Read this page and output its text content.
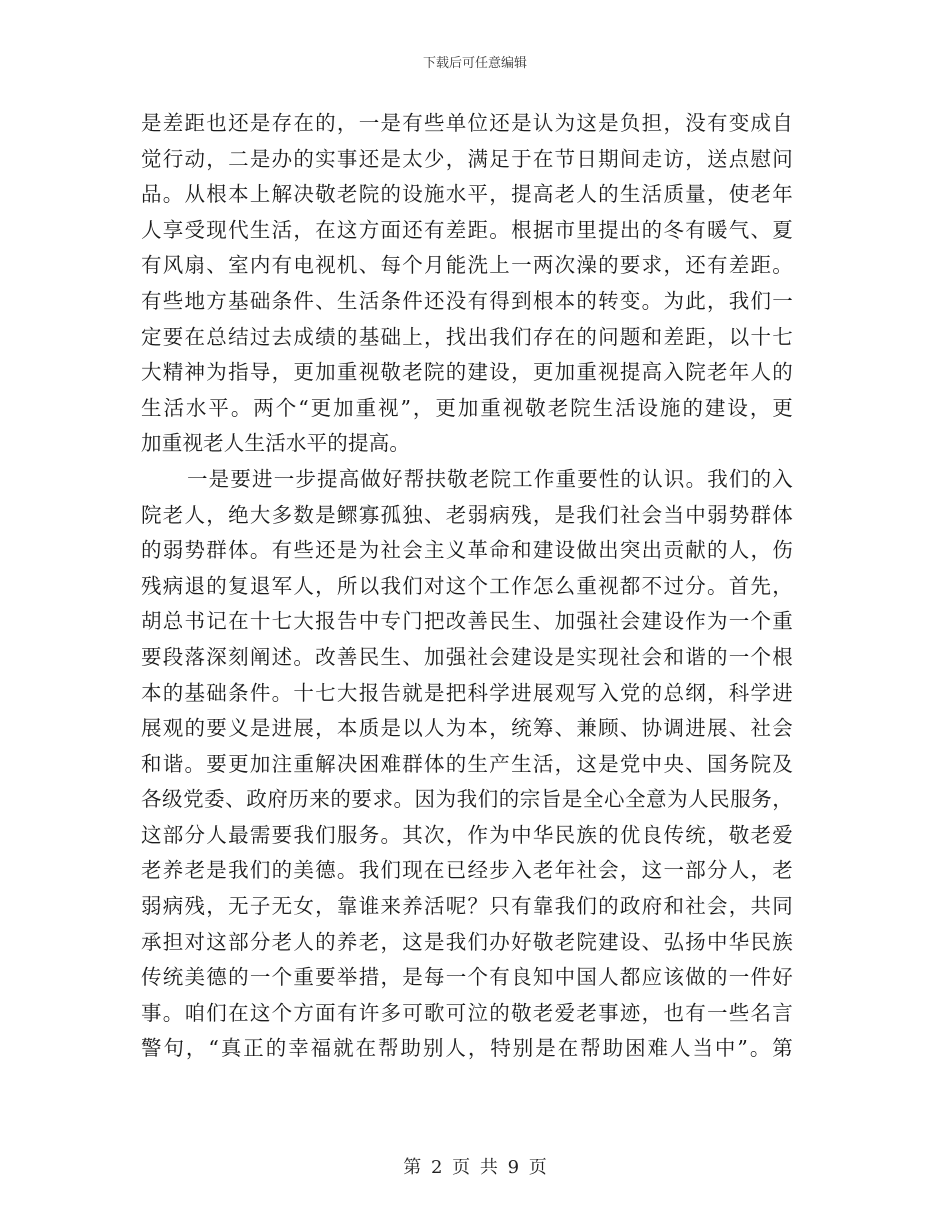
下载后可任意编辑
是差距也还是存在的，一是有些单位还是认为这是负担，没有变成自
觉行动，二是办的实事还是太少，满足于在节日期间走访，送点慰问
品。从根本上解决敬老院的设施水平，提高老人的生活质量，使老年
人享受现代生活，在这方面还有差距。根据市里提出的冬有暖气、夏
有风扇、室内有电视机、每个月能洗上一两次澡的要求，还有差距。
有些地方基础条件、生活条件还没有得到根本的转变。为此，我们一
定要在总结过去成绩的基础上，找出我们存在的问题和差距，以十七
大精神为指导，更加重视敬老院的建设，更加重视提高入院老年人的
生活水平。两个“更加重视”，更加重视敬老院生活设施的建设，更
加重视老人生活水平的提高。
一是要进一步提高做好帮扶敬老院工作重要性的认识。我们的入
院老人，绝大多数是鳏寡孤独、老弱病残，是我们社会当中弱势群体
的弱势群体。有些还是为社会主义革命和建设做出突出贡献的人，伤
残病退的复退军人，所以我们对这个工作怎么重视都不过分。首先，
胡总书记在十七大报告中专门把改善民生、加强社会建设作为一个重
要段落深刻阐述。改善民生、加强社会建设是实现社会和谐的一个根
本的基础条件。十七大报告就是把科学进展观写入党的总纲，科学进
展观的要义是进展，本质是以人为本，统筹、兼顾、协调进展、社会
和谐。要更加注重解决困难群体的生产生活，这是党中央、国务院及
各级党委、政府历来的要求。因为我们的宗旨是全心全意为人民服务，
这部分人最需要我们服务。其次，作为中华民族的优良传统，敬老爱
老养老是我们的美德。我们现在已经步入老年社会，这一部分人，老
弱病残，无子无女，靠谁来养活呢？只有靠我们的政府和社会，共同
承担对这部分老人的养老，这是我们办好敬老院建设、弘扬中华民族
传统美德的一个重要举措，是每一个有良知中国人都应该做的一件好
事。咱们在这个方面有许多可歌可泣的敬老爱老事迹，也有一些名言
警句，“真正的幸福就在帮助别人，特别是在帮助困难人当中”。第
第 2 页 共 9 页
